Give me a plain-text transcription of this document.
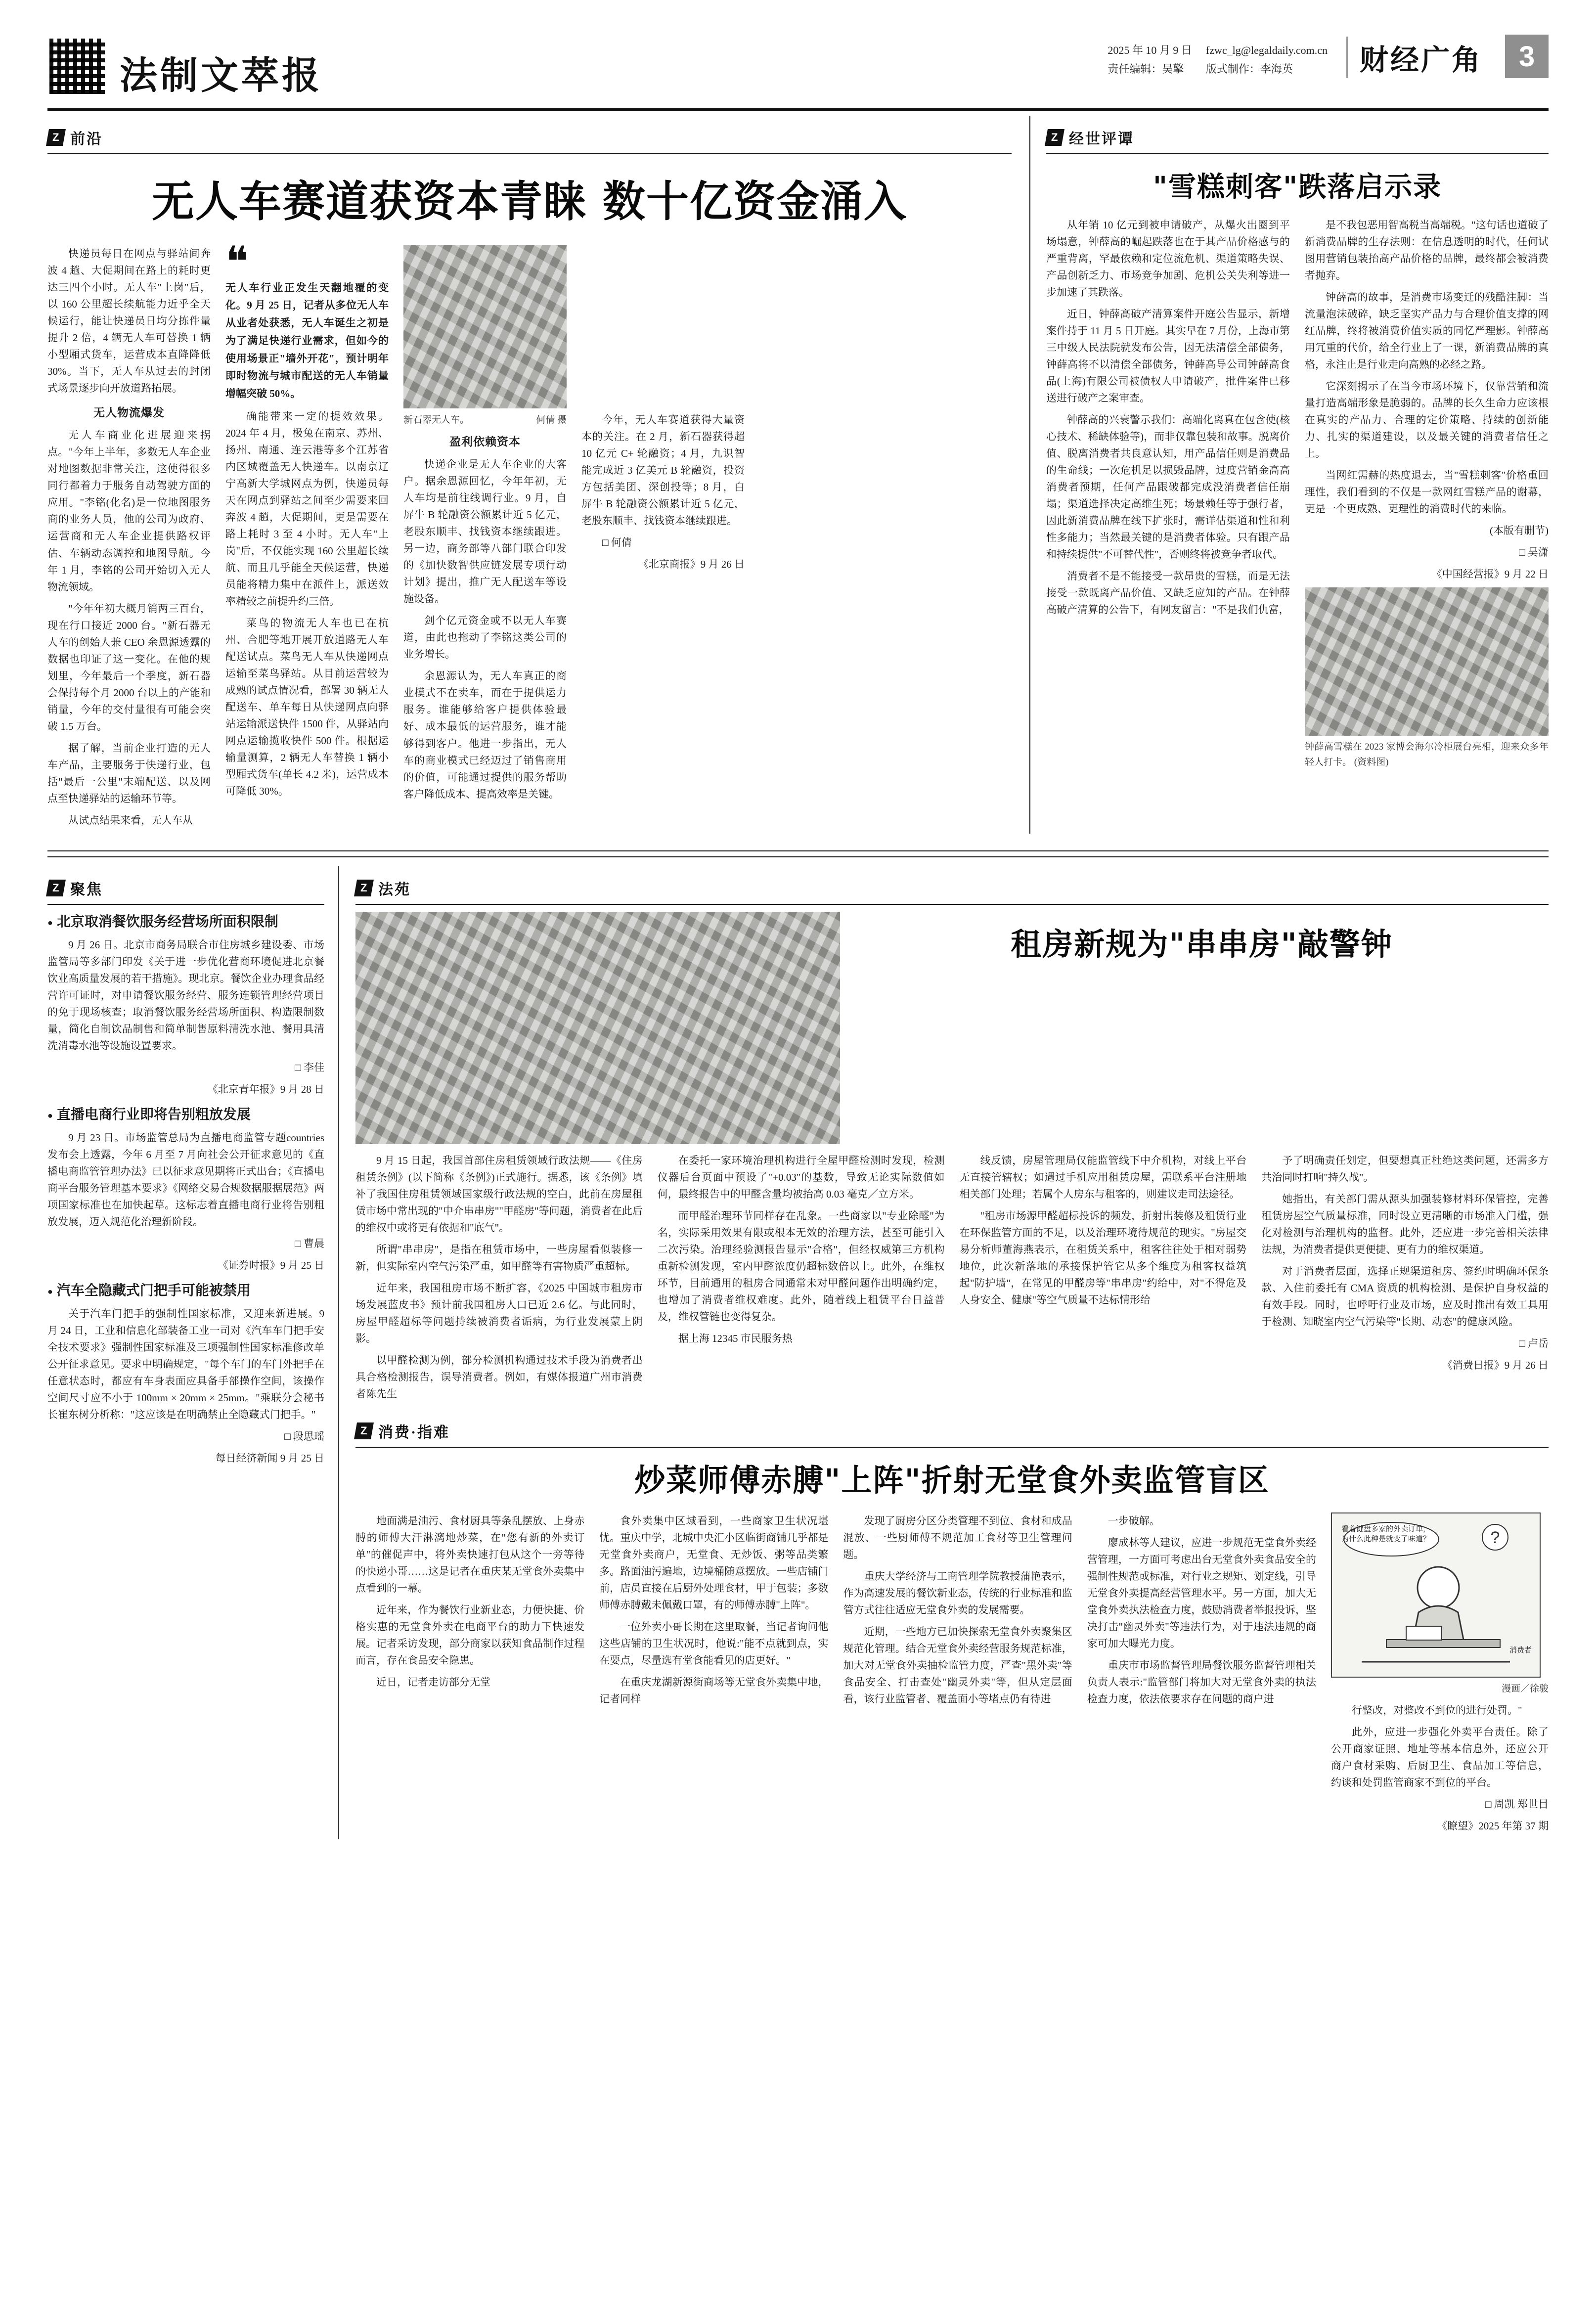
法制文萃报
2025 年 10 月 9 日
责任编辑：吴擎
fzwc_lg@legaldaily.com.cn
版式制作：李海英	财经广角	3
Z 前沿
无人车赛道获资本青睐 数十亿资金涌入

快递员每日在网点与驿站间奔波 4 趟、大促期间在路上的耗时更达三四个小时。无人车"上岗"后，以 160 公里超长续航能力近乎全天候运行，能让快递员日均分拣件量提升 2 倍，4 辆无人车可替换 1 辆小型厢式货车，运营成本直降降低 30%。当下，无人车从过去的封闭式场景逐步向开放道路拓展。

无人物流爆发

无人车商业化进展迎来拐点。"今年上半年，多数无人车企业对地图数据非常关注，这使得很多同行都着力于服务自动驾驶方面的应用。"李铭(化名)是一位地图服务商的业务人员，他的公司为政府、运营商和无人车企业提供路权评估、车辆动态调控和地图导航。今年 1 月，李铭的公司开始切入无人物流领域。

"今年年初大概月销两三百台，现在行口接近 2000 台。"新石器无人车的创始人兼 CEO 余恩源透露的数据也印证了这一变化。在他的规划里，今年最后一个季度，新石器会保持每个月 2000 台以上的产能和销量，今年的交付量很有可能会突破 1.5 万台。

据了解，当前企业打造的无人车产品，主要服务于快递行业，包括"最后一公里"末端配送、以及网点至快递驿站的运输环节等。

从试点结果来看，无人车从

❝

无人车行业正发生天翻地覆的变化。9 月 25 日，记者从多位无人车从业者处获悉，无人车诞生之初是为了满足快递行业需求，但如今的使用场景正"墙外开花"，预计明年即时物流与城市配送的无人车销量增幅突破 50%。

确能带来一定的提效效果。2024 年 4 月，极兔在南京、苏州、扬州、南通、连云港等多个江苏省内区域覆盖无人快递车。以南京辽宁高新大学城网点为例，快递员每天在网点到驿站之间至少需要来回奔波 4 趟，大促期间，更是需要在路上耗时 3 至 4 小时。无人车"上岗"后，不仅能实现 160 公里超长续航、而且几乎能全天候运营，快递员能将精力集中在派件上，派送效率精较之前提升约三倍。

菜鸟的物流无人车也已在杭州、合肥等地开展开放道路无人车配送试点。菜鸟无人车从快递网点运输至菜鸟驿站。从目前运营较为成熟的试点情况看，部署 30 辆无人配送车、单车每日从快递网点向驿站运输派送快件 1500 件，从驿站向网点运输揽收快件 500 件。根据运输量测算，2 辆无人车替换 1 辆小型厢式货车(单长 4.2 米)，运营成本可降低 30%。

新石器无人车。	何倩 摄

盈利依赖资本

快递企业是无人车企业的大客户。据余恩源回忆，今年年初，无人车均是前往线调行业。9 月，自屏牛 B 轮融资公额累计近 5 亿元，老股东顺丰、找钱资本继续跟进。另一边，商务部等八部门联合印发的《加快数智供应链发展专项行动计划》提出，推广无人配送车等设施设备。

剑个亿元资金或不以无人车赛道，由此也拖动了李铭这类公司的业务增长。

余恩源认为，无人车真正的商业模式不在卖车，而在于提供运力服务。谁能够给客户提供体验最好、成本最低的运营服务，谁才能够得到客户。他进一步指出，无人车的商业模式已经迈过了销售商用的价值，可能通过提供的服务帮助客户降低成本、提高效率是关键。

今年，无人车赛道获得大量资本的关注。在 2 月，新石器获得超 10 亿元 C+ 轮融资；4 月，九识智能完成近 3 亿美元 B 轮融资，投资方包括美团、深创投等；8 月，白屏牛 B 轮融资公额累计近 5 亿元，老股东顺丰、找钱资本继续跟进。

□ 何倩

《北京商报》9 月 26 日

Z 经世评谭
"雪糕刺客"跌落启示录

从年销 10 亿元到被申请破产，从爆火出圈到平场塌意，钟薛高的崛起跌落也在于其产品价格感与的严重背离，罕最依赖和定位流危机、渠道策略失误、产品创新乏力、市场竞争加剧、危机公关失利等进一步加速了其跌落。

近日，钟薛高破产清算案件开庭公告显示，新增案件持于 11 月 5 日开庭。其实早在 7 月份，上海市第三中级人民法院就发布公告，因无法清偿全部债务，钟薛高将不以清偿全部债务，钟薛高导公司钟薛高食品(上海)有限公司被债权人申请破产，批件案件已移送进行破产之案审查。

钟薛高的兴衰警示我们：高端化离真在包含使(核心技术、稀缺体验等)，而非仅靠包装和故事。脱离价值、脱离消费者共良意认知，用产品信任则是消费品的生命线；一次危机足以损毁品牌，过度营销金高高消费者预期，任何产品跟破都完成没消费者信任崩塌；渠道选择决定高维生死；场景赖任等于强行者，因此新消费品牌在线下扩张时，需详估渠道和性和利性多能力；当然最关键的是消费者体验。只有跟产品和持续提供"不可替代性"，否则终将被竞争者取代。

消费者不是不能接受一款昂贵的雪糕，而是无法接受一款既离产品价值、又缺乏应知的产品。在钟薛高破产清算的公告下，有网友留言："不是我们仇富，

是不我包恶用智高税当高端税。"这句话也道破了新消费品牌的生存法则：在信息透明的时代，任何试图用营销包装抬高产品价格的品牌，最终都会被消费者抛弃。

钟薛高的故事，是消费市场变迁的残酷注脚：当流量泡沫破碎，缺乏坚实产品力与合理价值支撑的网红品牌，终将被消费价值实质的同忆严理影。钟薛高用冗重的代价，给全行业上了一课，新消费品牌的真格，永注止是行业走向高熟的必经之路。

它深刻揭示了在当今市场环境下，仅靠营销和流量打造高端形象是脆弱的。品牌的长久生命力应该根在真实的产品力、合理的定价策略、持续的创新能力、扎实的渠道建设，以及最关键的消费者信任之上。

当网红需赫的热度退去，当"雪糕刺客"价格重回理性，我们看到的不仅是一款网红雪糕产品的谢幕，更是一个更成熟、更理性的消费时代的来临。

(本版有删节)

□ 吴潇

《中国经营报》9 月 22 日

钟薛高雪糕在 2023 家博会海尔冷柜展台亮相，迎来众多年轻人打卡。 (资料图)

Z 聚焦

● 北京取消餐饮服务经营场所面积限制

9 月 26 日。北京市商务局联合市住房城乡建设委、市场监管局等多部门印发《关于进一步优化营商环境促进北京餐饮业高质量发展的若干措施》。现北京。餐饮企业办理食品经营许可证时，对申请餐饮服务经营、服务连锁管理经营项目的免于现场核查；取消餐饮服务经营场所面积、构造限制数量，简化自制饮品制售和简单制售原料清洗水池、餐用具清洗消毒水池等设施设置要求。

□ 李佳

《北京青年报》9 月 28 日

● 直播电商行业即将告别粗放发展

9 月 23 日。市场监管总局为直播电商监管专题countries发布会上透露，今年 6 月至 7 月向社会公开征求意见的《直播电商监管管理办法》已以征求意见期将正式出台；《直播电商平台服务管理基本要求》《网络交易合规数据服据展范》两项国家标准也在加快起草。这标志着直播电商行业将告别粗放发展，迈入规范化治理新阶段。

□ 曹晨

《证券时报》9 月 25 日

● 汽车全隐藏式门把手可能被禁用

关于汽车门把手的强制性国家标准，又迎来新进展。9 月 24 日，工业和信息化部装备工业一司对《汽车车门把手安全技术要求》强制性国家标准及三项强制性国家标准修改单公开征求意见。要求中明确规定，"每个车门的车门外把手在任意状态时，都应有车身表面应具备手部操作空间，该操作空间尺寸应不小于 100mm × 20mm × 25mm。"乘联分会秘书长崔东树分析称："这应该是在明确禁止全隐藏式门把手。"

□ 段思瑶

每日经济新闻 9 月 25 日

Z 法苑
租房新规为"串串房"敲警钟

9 月 15 日起，我国首部住房租赁领域行政法规——《住房租赁条例》(以下简称《条例》)正式施行。据悉，该《条例》填补了我国住房租赁领域国家级行政法规的空白，此前在房屋租赁市场中常出现的"中介串串房""甲醛房"等问题，消费者在此后的维权中或将更有依据和"底气"。

所谓"串串房"，是指在租赁市场中，一些房屋看似装修一新，但实际室内空气污染严重，如甲醛等有害物质严重超标。

近年来，我国租房市场不断扩容，《2025 中国城市租房市场发展蓝皮书》预计前我国租房人口已近 2.6 亿。与此同时，房屋甲醛超标等问题持续被消费者诟病，为行业发展蒙上阴影。

以甲醛检测为例，部分检测机构通过技术手段为消费者出具合格检测报告，误导消费者。例如，有媒体报道广州市消费者陈先生

在委托一家环境治理机构进行全屋甲醛检测时发现，检测仪器后台页面中预设了"+0.03"的基数，导致无论实际数值如何，最终报告中的甲醛含量均被抬高 0.03 毫克／立方米。

而甲醛治理环节同样存在乱象。一些商家以"专业除醛"为名，实际采用效果有限或根本无效的治理方法，甚至可能引入二次污染。治理经验测报告显示"合格"，但经权威第三方机构重新检测发现，室内甲醛浓度仍超标数倍以上。此外，在维权环节，目前通用的租房合同通常未对甲醛问题作出明确约定，也增加了消费者维权难度。此外，随着线上租赁平台日益普及，维权管链也变得复杂。

据上海 12345 市民服务热

线反馈，房屋管理局仅能监管线下中介机构，对线上平台无直接管辖权；如遇过手机应用租赁房屋，需联系平台注册地相关部门处理；若属个人房东与租客的，则建议走司法途径。

"租房市场源甲醛超标投诉的频发，折射出装修及租赁行业在环保监管方面的不足，以及治理环境待规范的现实。"房屋交易分析师董海燕表示，在租赁关系中，租客往往处于相对弱势地位，此次新落地的承接保护管它从多个维度为租客权益筑起"防护墙"，在常见的甲醛房等"串串房"约给中，对"不得危及人身安全、健康"等空气质量不达标情形给

予了明确责任划定，但要想真正杜绝这类问题，还需多方共治同时打响"持久战"。

她指出，有关部门需从源头加强装修材料环保管控，完善租赁房屋空气质量标准，同时设立更清晰的市场准入门槛，强化对检测与治理机构的监督。此外，还应进一步完善相关法律法规，为消费者提供更便捷、更有力的维权渠道。

对于消费者层面，选择正规渠道租房、签约时明确环保条款、入住前委托有 CMA 资质的机构检测、是保护自身权益的有效手段。同时，也呼吁行业及市场，应及时推出有效工具用于检测、知晓室内空气污染等"长期、动态"的健康风险。

□ 卢岳

《消费日报》9 月 26 日

Z 消费·指难
炒菜师傅赤膊"上阵"折射无堂食外卖监管盲区

地面满是油污、食材厨具等条乱摆放、上身赤膊的师傅大汗淋漓地炒菜，在"您有新的外卖订单"的催促声中，将外卖快速打包从这个一旁等待的快递小哥……这是记者在重庆某无堂食外卖集中点看到的一幕。

近年来，作为餐饮行业新业态，力便快捷、价格实惠的无堂食外卖在电商平台的助力下快速发展。记者采访发现，部分商家以获知食品制作过程而言，存在食品安全隐患。

近日，记者走访部分无堂

食外卖集中区域看到，一些商家卫生状况堪忧。重庆中学，北城中央汇小区临街商铺几乎都是无堂食外卖商户，无堂食、无炒饭、粥等品类繁多。路面油污遍地，边境桶随意摆放。一些店铺门前，店员直接在后厨外处理食材，甲于包装；多数师傅赤膊戴未佩戴口罩，有的师傅赤膊"上阵"。

一位外卖小哥长期在这里取餐，当记者询问他这些店铺的卫生状况时，他说:"能不点就到点，实在要点，尽量选有堂食能看见的店更好。"

在重庆龙湖新源街商场等无堂食外卖集中地，记者同样

发现了厨房分区分类管理不到位、食材和成品混放、一些厨师傅不规范加工食材等卫生管理问题。

重庆大学经济与工商管理学院教授蒲艳表示，作为高速发展的餐饮新业态，传统的行业标准和监管方式往往适应无堂食外卖的发展需要。

近期，一些地方已加快探索无堂食外卖聚集区规范化管理。结合无堂食外卖经营服务规范标准，加大对无堂食外卖抽检监管力度，严查"黑外卖"等食品安全、打击查处"幽灵外卖"等，但从定层面看，该行业监管者、覆盖面小等堵点仍有待进

一步破解。

廖成林等人建议，应进一步规范无堂食外卖经营管理，一方面可考虑出台无堂食外卖食品安全的强制性规范或标准，对行业之规矩、划定线，引导无堂食外卖提高经营管理水平。另一方面，加大无堂食外卖执法检查力度，鼓励消费者举报投诉，坚决打击"幽灵外卖"等违法行为，对于违法违规的商家可加大曝光力度。

重庆市市场监督管理局餐饮服务监督管理相关负责人表示:"监管部门将加大对无堂食外卖的执法检查力度，依法依要求存在问题的商户进

?
看着键盘多家的外卖订单，为什么此种是就变了味道？
消费者

漫画／徐骏

行整改，对整改不到位的进行处罚。"

此外，应进一步强化外卖平台责任。除了公开商家证照、地址等基本信息外，还应公开商户食材采购、后厨卫生、食品加工等信息，约谈和处罚监管商家不到位的平台。

□ 周凯 郑世目

《瞭望》2025 年第 37 期
